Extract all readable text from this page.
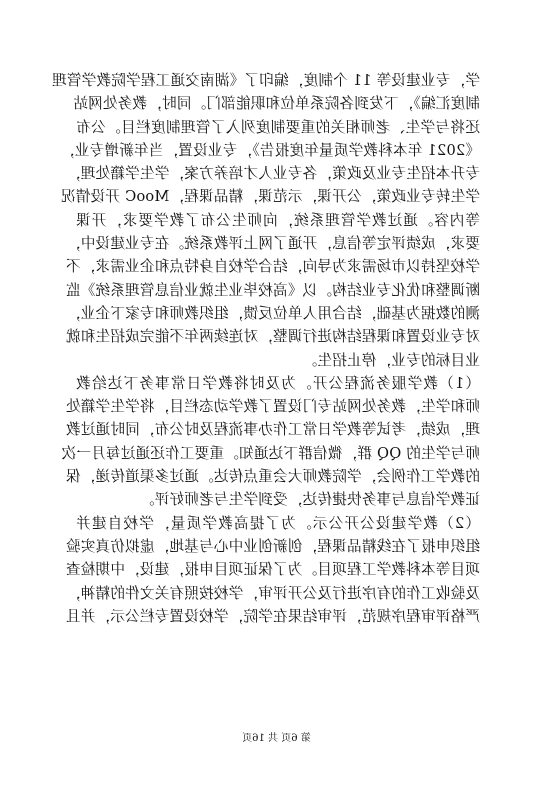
学，专业建设等 11 个制度，编印了《湖南交通工程学院教学管理
制度汇编》，下发到各院系单位和职能部门。同时，教务处网站
还将与学生、老师相关的重要制度列入了管理制度栏目。公布
《2021 年本科教学质量年度报告》，专业设置，当年新增专业，
专升本招生专业及政策，各专业人才培养方案，学生学籍处理，
学生转专业政策，公开课，示范课，精品课程，MooC 开设情况
等内容。通过教学管理系统，向师生公布了教学要求，开课
要求，成绩评定等信息，开通了网上评教系统。在专业建设中，
学校坚持以市场需求为导向，结合学校自身特点和企业需求，不
断调整和优化专业结构。以《高校毕业生就业信息管理系统》监
测的数据为基础，结合用人单位反馈，组织教师和专家下企业，
对专业设置和课程结构进行调整，对连续两年不能完成招生和就
业目标的专业，停止招生。
（1）教学服务流程公开。为及时将教学日常事务下达给教
师和学生，教务处网站专门设置了教学动态栏目，将学生学籍处
理，成绩，考试等教学日常工作办事流程及时公布，同时通过教
师与学生的 QQ 群，微信群下达通知。重要工作还通过每月一次
的教学工作例会，学院教师大会重点传达。通过多渠道传递，保
证教学信息与事务快捷传达，受到学生与老师好评。
（2）教学建设公开公示。为了提高教学质量，学校自建并
组织申报了在线精品课程，创新创业中心与基地，虚拟仿真实验
项目等本科教学工程项目。为了保证项目申报，建设，中期检查
及验收工作的有序进行及公开评审，学校按照有关文件的精神，
严格评审程序规范，评审结果在学院，学校设置专栏公示，并且
第 6页 共 16页
